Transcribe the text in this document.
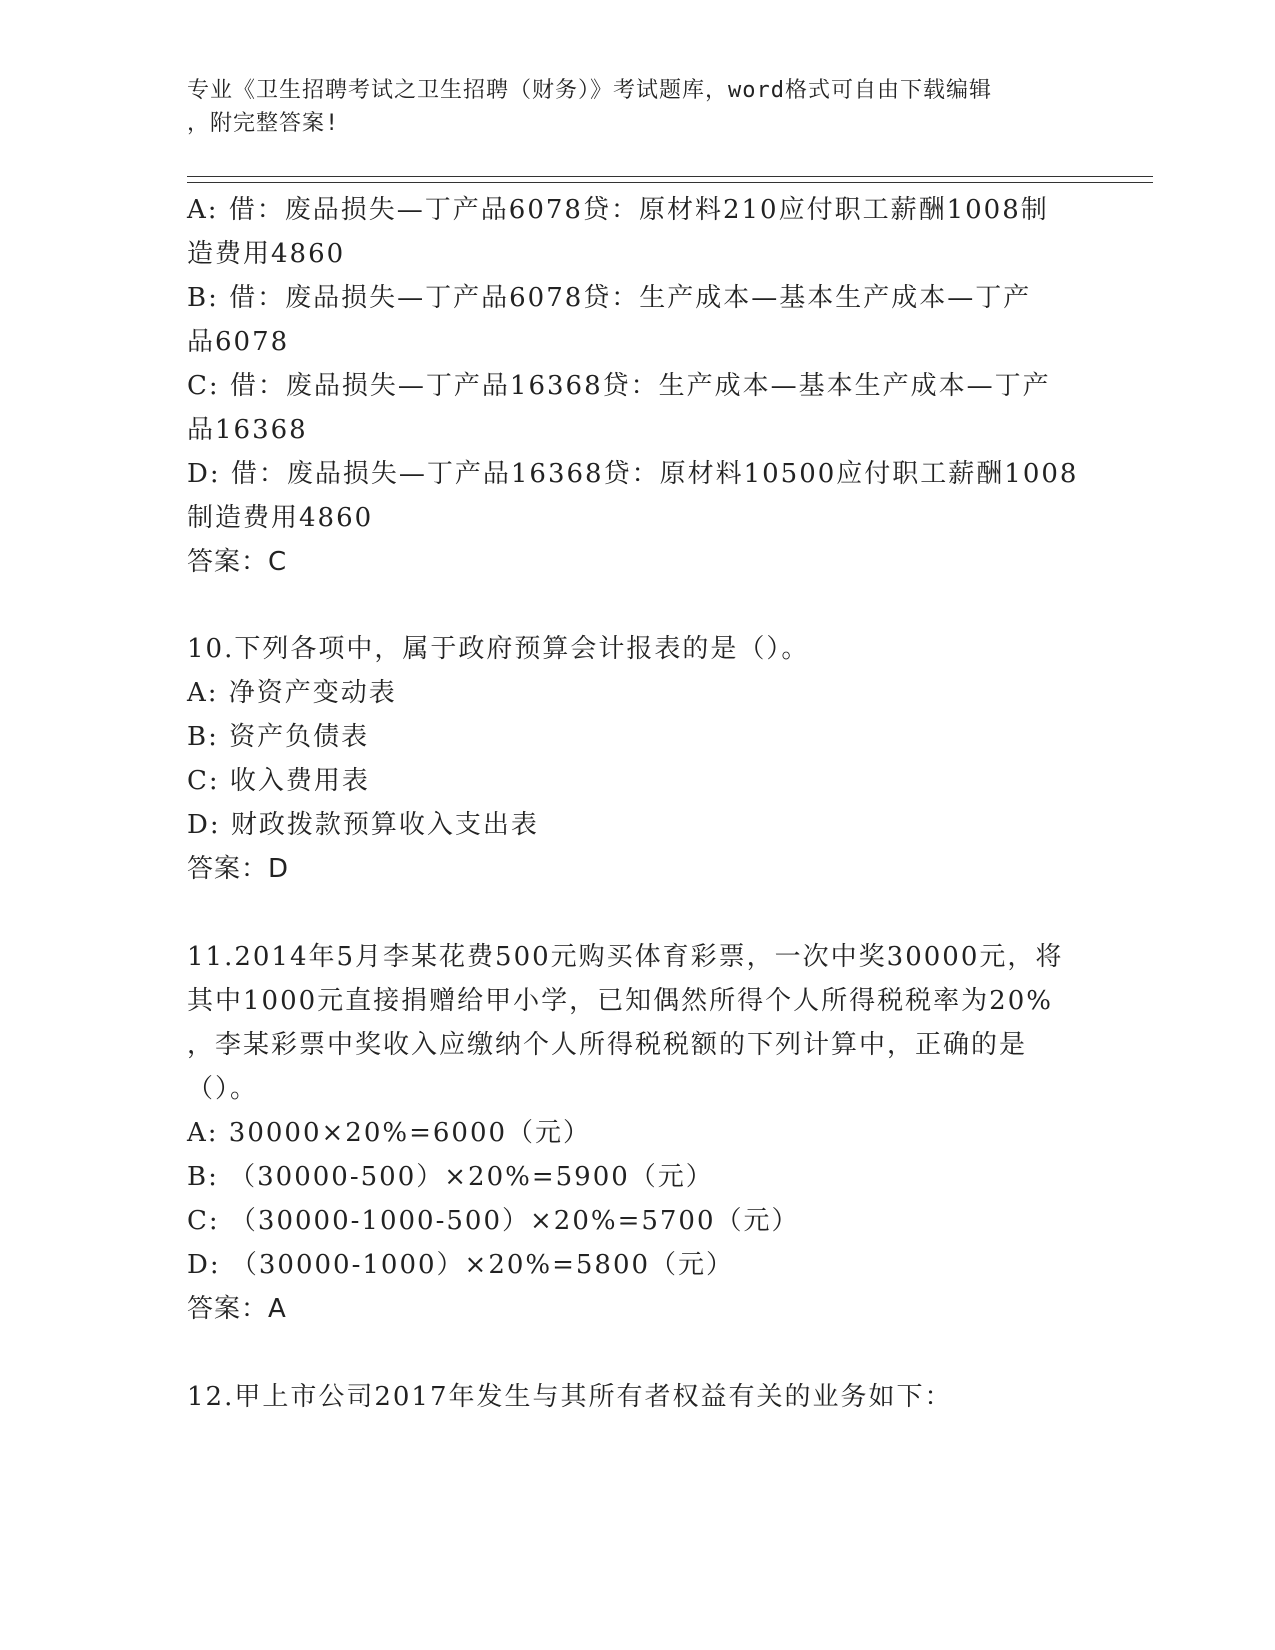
专业《卫生招聘考试之卫生招聘（财务）》考试题库，word格式可自由下载编辑
，附完整答案!
A: 借：废品损失—丁产品6078贷：原材料210应付职工薪酬1008制
造费用4860
B: 借：废品损失—丁产品6078贷：生产成本—基本生产成本—丁产
品6078
C: 借：废品损失—丁产品16368贷：生产成本—基本生产成本—丁产
品16368
D: 借：废品损失—丁产品16368贷：原材料10500应付职工薪酬1008
制造费用4860
答案：C
10.下列各项中，属于政府预算会计报表的是（）。
A: 净资产变动表
B: 资产负债表
C: 收入费用表
D: 财政拨款预算收入支出表
答案：D
11.2014年5月李某花费500元购买体育彩票，一次中奖30000元，将
其中1000元直接捐赠给甲小学，已知偶然所得个人所得税税率为20%
，李某彩票中奖收入应缴纳个人所得税税额的下列计算中，正确的是
（）。
A: 30000×20%=6000（元）
B: （30000-500）×20%=5900（元）
C: （30000-1000-500）×20%=5700（元）
D: （30000-1000）×20%=5800（元）
答案：A
12.甲上市公司2017年发生与其所有者权益有关的业务如下：
